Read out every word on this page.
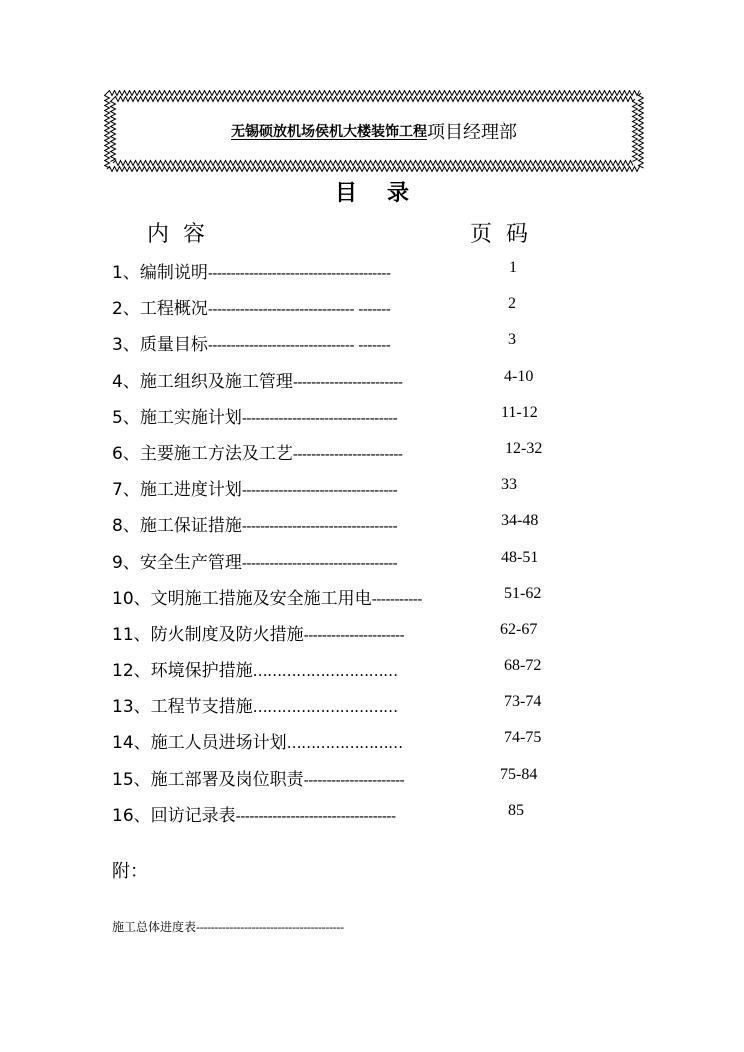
无锡硕放机场侯机大楼装饰工程 项目经理部
目录
内容	页码
1、编制说明----------------------------------------	1
2、工程概况-------------------------------- -------	2
3、质量目标-------------------------------- -------	3
4、施工组织及施工管理------------------------	4-10
5、施工实施计划----------------------------------	11-12
6、主要施工方法及工艺------------------------	12-32
7、施工进度计划----------------------------------	33
8、施工保证措施----------------------------------	34-48
9、安全生产管理----------------------------------	48-51
10、文明施工措施及安全施工用电-----------	51-62
11、防火制度及防火措施----------------------	62-67
12、环境保护措施…………………………	68-72
13、工程节支措施…………………………	73-74
14、施工人员进场计划……………………	74-75
15、施工部署及岗位职责----------------------	75-84
16、回访记录表-----------------------------------	85
附：
施工总体进度表----------------------------------------
